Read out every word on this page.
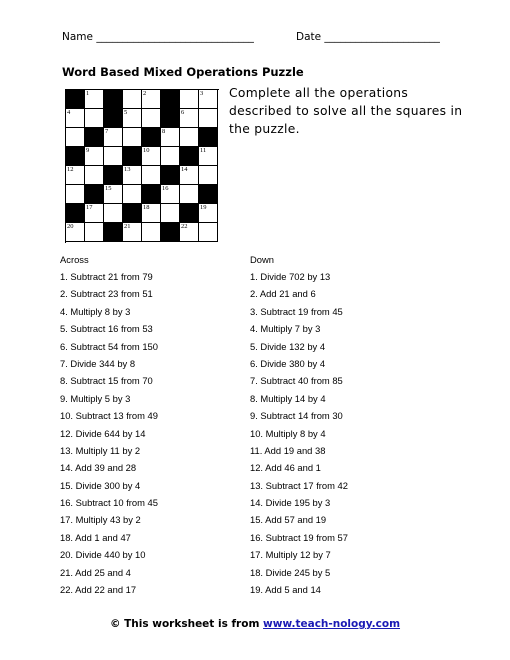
Name ______________________________	Date ______________________
Word Based Mixed Operations Puzzle
1	2	3
4	5	6
7	8
9	10	11
12	13	14
15	16
17	18	19
20	21	22
Complete all the operations described to solve all the squares in the puzzle.
Across
1. Subtract 21 from 79
2. Subtract 23 from 51
4. Multiply 8 by 3
5. Subtract 16 from 53
6. Subtract 54 from 150
7. Divide 344 by 8
8. Subtract 15 from 70
9. Multiply 5 by 3
10. Subtract 13 from 49
12. Divide 644 by 14
13. Multiply 11 by 2
14. Add 39 and 28
15. Divide 300 by 4
16. Subtract 10 from 45
17. Multiply 43 by 2
18. Add 1 and 47
20. Divide 440 by 10
21. Add 25 and 4
22. Add 22 and 17
Down
1. Divide 702 by 13
2. Add 21 and 6
3. Subtract 19 from 45
4. Multiply 7 by 3
5. Divide 132 by 4
6. Divide 380 by 4
7. Subtract 40 from 85
8. Multiply 14 by 4
9. Subtract 14 from 30
10. Multiply 8 by 4
11. Add 19 and 38
12. Add 46 and 1
13. Subtract 17 from 42
14. Divide 195 by 3
15. Add 57 and 19
16. Subtract 19 from 57
17. Multiply 12 by 7
18. Divide 245 by 5
19. Add 5 and 14
© This worksheet is from www.teach-nology.com
